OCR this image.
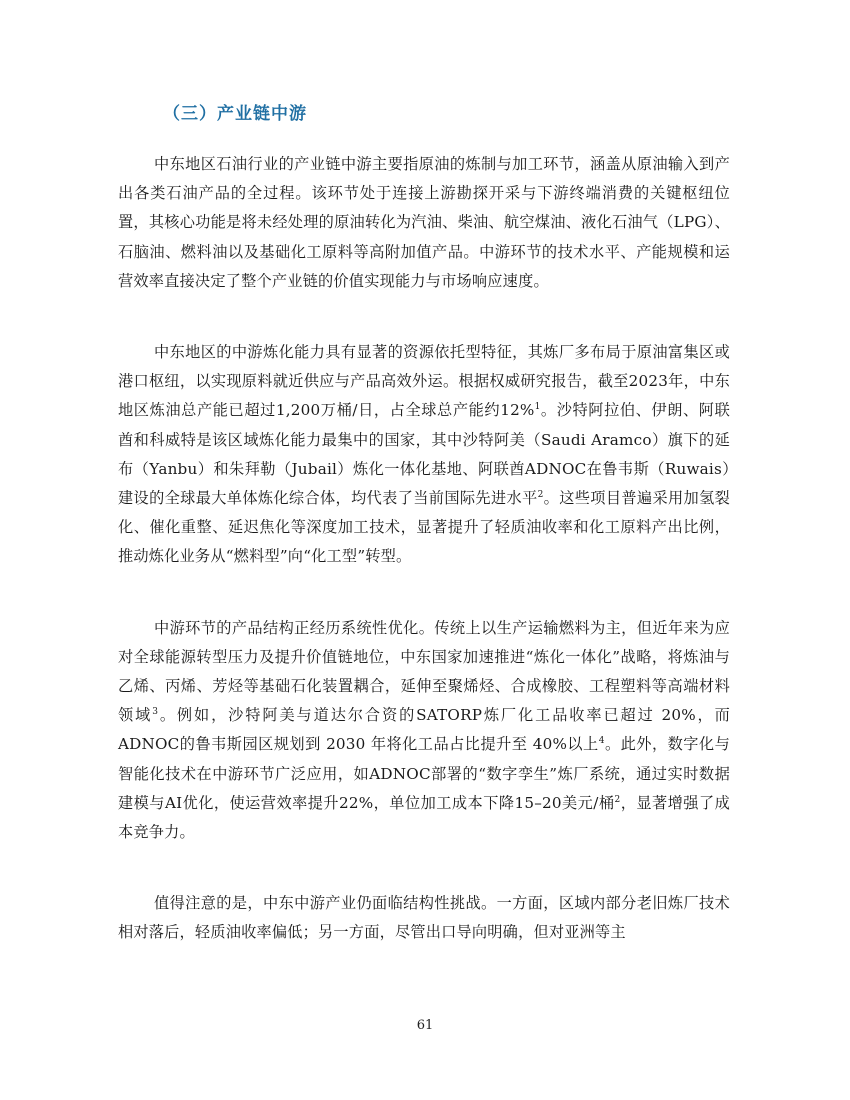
（三）产业链中游

中东地区石油行业的产业链中游主要指原油的炼制与加工环节，涵盖从原油输入到产出各类石油产品的全过程。该环节处于连接上游勘探开采与下游终端消费的关键枢纽位置，其核心功能是将未经处理的原油转化为汽油、柴油、航空煤油、液化石油气（LPG）、石脑油、燃料油以及基础化工原料等高附加值产品。中游环节的技术水平、产能规模和运营效率直接决定了整个产业链的价值实现能力与市场响应速度。

中东地区的中游炼化能力具有显著的资源依托型特征，其炼厂多布局于原油富集区或港口枢纽，以实现原料就近供应与产品高效外运。根据权威研究报告，截至2023年，中东地区炼油总产能已超过1,200万桶/日，占全球总产能约12%$^1$。沙特阿拉伯、伊朗、阿联酋和科威特是该区域炼化能力最集中的国家，其中沙特阿美（Saudi Aramco）旗下的延布（Yanbu）和朱拜勒（Jubail）炼化一体化基地、阿联酋ADNOC在鲁韦斯（Ruwais）建设的全球最大单体炼化综合体，均代表了当前国际先进水平$^2$。这些项目普遍采用加氢裂化、催化重整、延迟焦化等深度加工技术，显著提升了轻质油收率和化工原料产出比例，推动炼化业务从“燃料型”向“化工型”转型。

中游环节的产品结构正经历系统性优化。传统上以生产运输燃料为主，但近年来为应对全球能源转型压力及提升价值链地位，中东国家加速推进“炼化一体化”战略，将炼油与乙烯、丙烯、芳烃等基础石化装置耦合，延伸至聚烯烃、合成橡胶、工程塑料等高端材料领域$^3$。例如，沙特阿美与道达尔合资的SATORP炼厂化工品收率已超过 20%，而 ADNOC的鲁韦斯园区规划到 2030 年将化工品占比提升至 40%以上$^4$。此外，数字化与智能化技术在中游环节广泛应用，如ADNOC部署的“数字孪生”炼厂系统，通过实时数据建模与AI优化，使运营效率提升22%，单位加工成本下降15–20美元/桶$^2$，显著增强了成本竞争力。

值得注意的是，中东中游产业仍面临结构性挑战。一方面，区域内部分老旧炼厂技术相对落后，轻质油收率偏低；另一方面，尽管出口导向明确，但对亚洲等主

61
